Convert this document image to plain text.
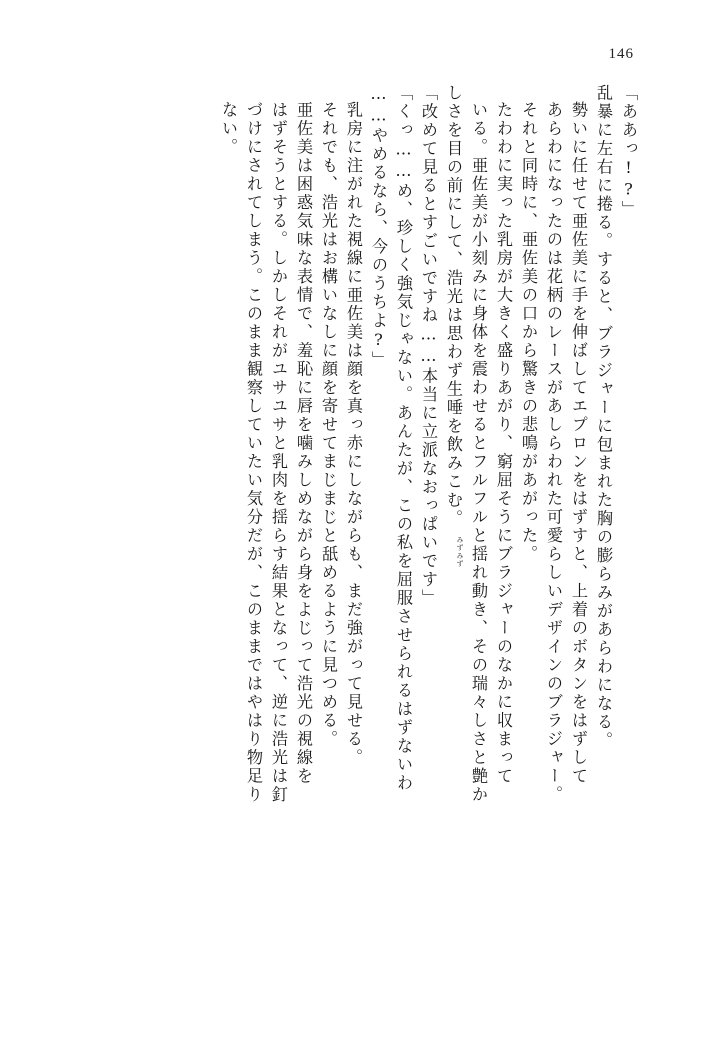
146
「ああっ!?」
乱暴に左右に捲る。すると、ブラジャーに包まれた胸の膨らみがあらわになる。
勢いに任せて亜佐美に手を伸ばしてエプロンをはずすと、上着のボタンをはずして
あらわになったのは花柄のレースがあしらわれた可愛らしいデザインのブラジャー。
それと同時に、亜佐美の口から驚きの悲鳴があがった。
たわわに実った乳房が大きく盛りあがり、窮屈そうにブラジャーのなかに収まって
みずみず いる。亜佐美が小刻みに身体を震わせるとフルフルと揺れ動き、その瑞々しさと艶か
しさを目の前にして、浩光は思わず生唾を飲みこむ。
「改めて見るとすごいですね……本当に立派なおっぱいです」
「くっ……め、珍しく強気じゃない。あんたが、この私を屈服させられるはずないわ
……やめるなら、今のうちよ?」
乳房に注がれた視線に亜佐美は顔を真っ赤にしながらも、まだ強がって見せる。
それでも、浩光はお構いなしに顔を寄せてまじまじと舐めるように見つめる。
亜佐美は困惑気味な表情で、羞恥に唇を噛みしめながら身をよじって浩光の視線を
はずそうとする。しかしそれがユサユサと乳肉を揺らす結果となって、逆に浩光は釘
づけにされてしまう。このまま観察していたい気分だが、このままではやはり物足り
ない。
